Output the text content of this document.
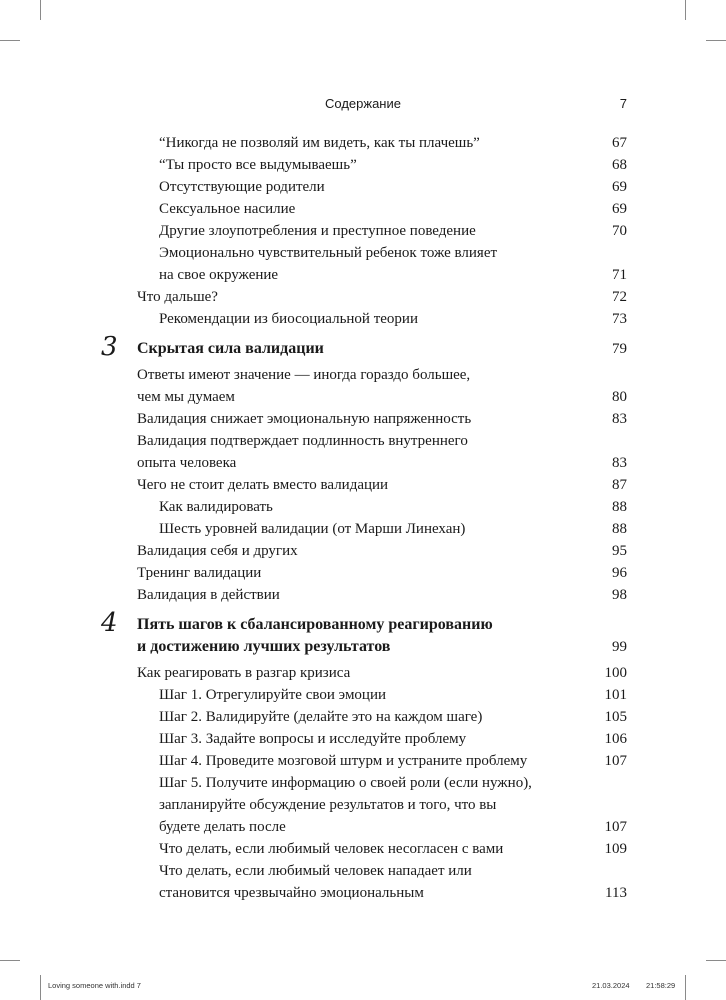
Содержание	7
“Никогда не позволяй им видеть, как ты плачешь”	67
“Ты просто все выдумываешь”	68
Отсутствующие родители	69
Сексуальное насилие	69
Другие злоупотребления и преступное поведение	70
Эмоционально чувствительный ребенок тоже влияет
на свое окружение	71
Что дальше?	72
Рекомендации из биосоциальной теории	73
3 Скрытая сила валидации	79
Ответы имеют значение — иногда гораздо большее,
чем мы думаем	80
Валидация снижает эмоциональную напряженность	83
Валидация подтверждает подлинность внутреннего
опыта человека	83
Чего не стоит делать вместо валидации	87
Как валидировать	88
Шесть уровней валидации (от Марши Линехан)	88
Валидация себя и других	95
Тренинг валидации	96
Валидация в действии	98
4 Пять шагов к сбалансированному реагированию
и достижению лучших результатов	99
Как реагировать в разгар кризиса	100
Шаг 1. Отрегулируйте свои эмоции	101
Шаг 2. Валидируйте (делайте это на каждом шаге)	105
Шаг 3. Задайте вопросы и исследуйте проблему	106
Шаг 4. Проведите мозговой штурм и устраните проблему	107
Шаг 5. Получите информацию о своей роли (если нужно),
запланируйте обсуждение результатов и того, что вы
будете делать после	107
Что делать, если любимый человек несогласен с вами	109
Что делать, если любимый человек нападает или
становится чрезвычайно эмоциональным	113
Loving someone with.indd 7	21.03.2024 21:58:29
